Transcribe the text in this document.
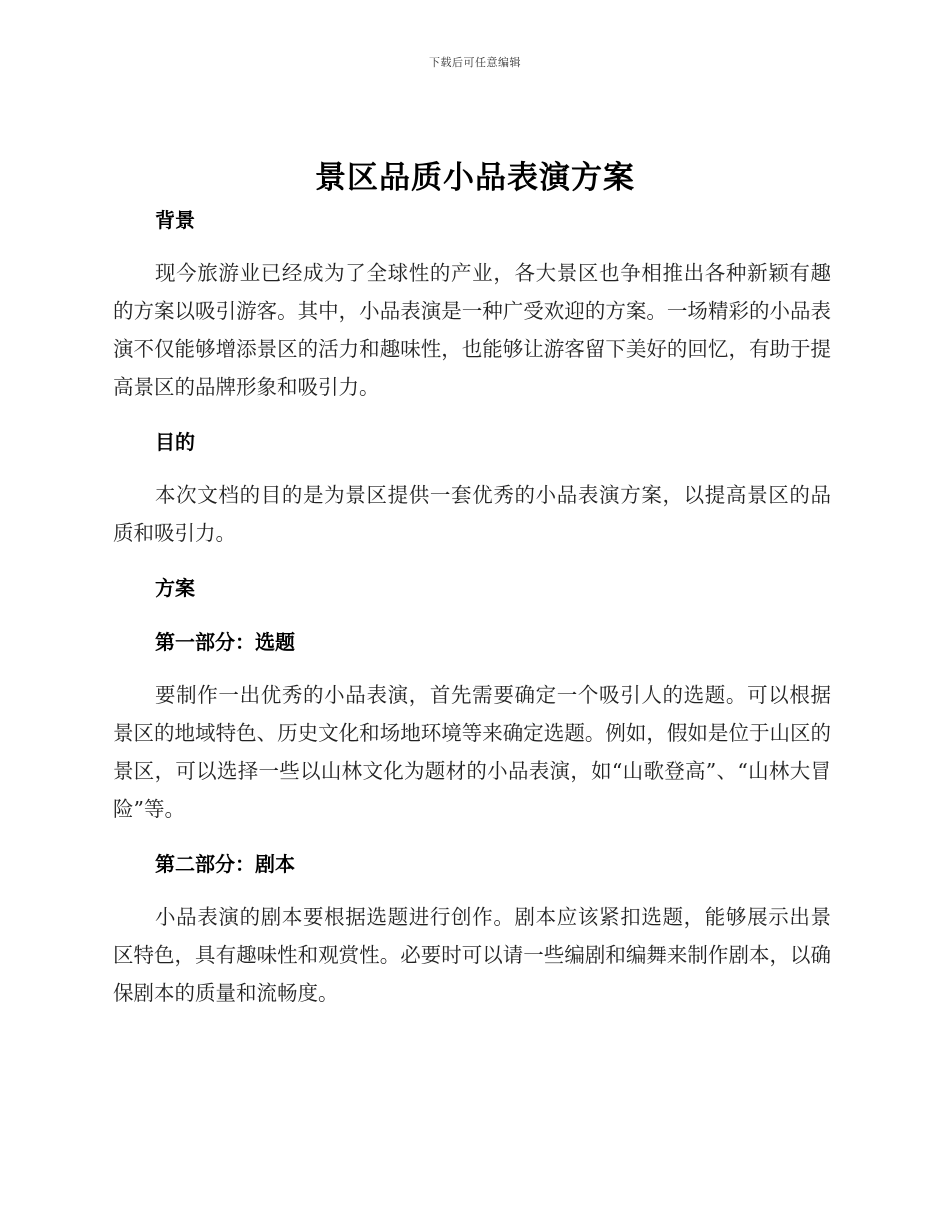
下载后可任意编辑
景区品质小品表演方案
背景

现今旅游业已经成为了全球性的产业，各大景区也争相推出各种新颖有趣的方案以吸引游客。其中，小品表演是一种广受欢迎的方案。一场精彩的小品表演不仅能够增添景区的活力和趣味性，也能够让游客留下美好的回忆，有助于提高景区的品牌形象和吸引力。

目的

本次文档的目的是为景区提供一套优秀的小品表演方案，以提高景区的品质和吸引力。

方案
第一部分：选题

要制作一出优秀的小品表演，首先需要确定一个吸引人的选题。可以根据景区的地域特色、历史文化和场地环境等来确定选题。例如，假如是位于山区的景区，可以选择一些以山林文化为题材的小品表演，如“山歌登高”、“山林大冒险”等。

第二部分：剧本

小品表演的剧本要根据选题进行创作。剧本应该紧扣选题，能够展示出景区特色，具有趣味性和观赏性。必要时可以请一些编剧和编舞来制作剧本，以确保剧本的质量和流畅度。
